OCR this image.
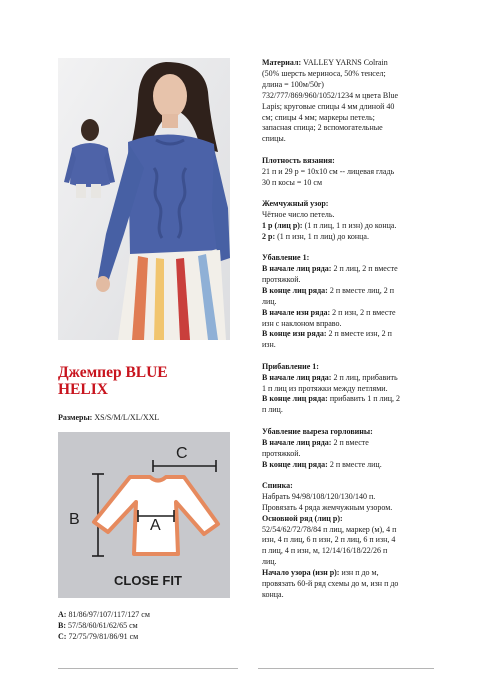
Джемпер BLUE
HELIX
Размеры: XS/S/M/L/XL/XXL
C
B	A
CLOSE FIT
A: 81/86/97/107/117/127 см
B: 57/58/60/61/62/65 см
C: 72/75/79/81/86/91 см

Материал: VALLEY YARNS Colrain

(50% шерсть мериноса, 50% тенсел;

длина = 100м/50г)

732/777/869/960/1052/1234 м цвета Blue

Lapis; круговые спицы 4 мм длиной 40

см; спицы 4 мм; маркеры петель;

запасная спица; 2 вспомогательные

спицы.

Плотность вязания:

21 п и 29 р = 10х10 см -- лицевая гладь

30 п косы = 10 см

Жемчужный узор:

Чётное число петель.

1 р (лиц р): (1 п лиц, 1 п изн) до конца.

2 р: (1 п изн, 1 п лиц) до конца.

Убавление 1:

В начале лиц ряда: 2 п лиц, 2 п вместе

протяжкой.

В конце лиц ряда: 2 п вместе лиц, 2 п

лиц.

В начале изн ряда: 2 п изн, 2 п вместе

изн с наклоном вправо.

В конце изн ряда: 2 п вместе изн, 2 п

изн.

Прибавление 1:

В начале лиц ряда: 2 п лиц, прибавить

1 п лиц из протяжки между петлями.

В конце лиц ряда: прибавить 1 п лиц, 2

п лиц.

Убавление выреза горловины:

В начале лиц ряда: 2 п вместе

протяжкой.

В конце лиц ряда: 2 п вместе лиц.

Спинка:

Набрать 94/98/108/120/130/140 п.

Провязать 4 ряда жемчужным узором.

Основной ряд (лиц р):

52/54/62/72/78/84 п лиц, маркер (м), 4 п

изн, 4 п лиц, 6 п изн, 2 п лиц, 6 п изн, 4

п лиц, 4 п изн, м, 12/14/16/18/22/26 п

лиц.

Начало узора (изн р): изн п до м,

провязать 60-й ряд схемы до м, изн п до

конца.
